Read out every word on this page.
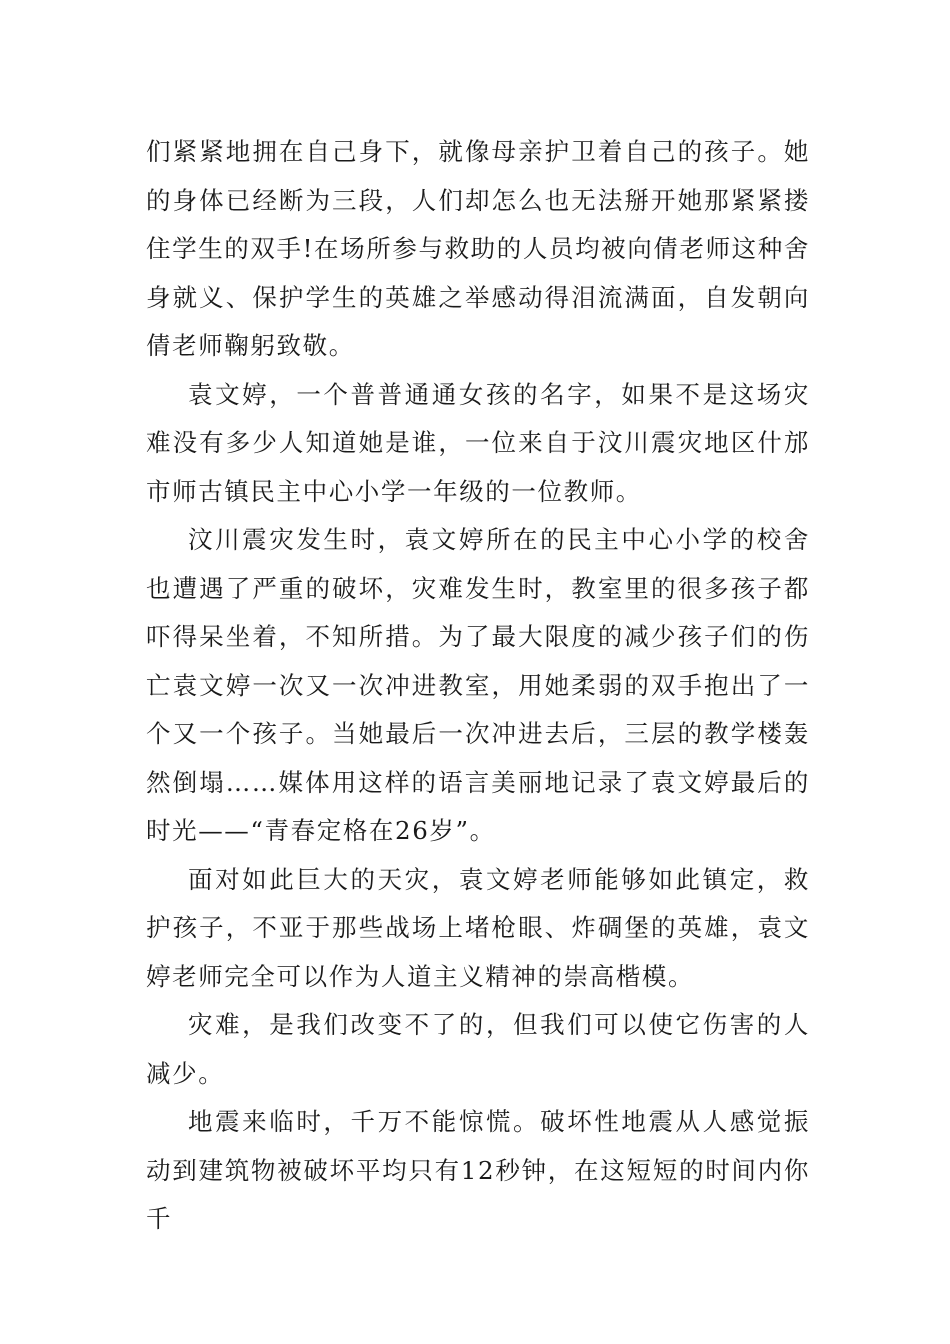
们紧紧地拥在自己身下，就像母亲护卫着自己的孩子。她的身体已经断为三段，人们却怎么也无法掰开她那紧紧搂住学生的双手!在场所参与救助的人员均被向倩老师这种舍身就义、保护学生的英雄之举感动得泪流满面，自发朝向倩老师鞠躬致敬。

袁文婷，一个普普通通女孩的名字，如果不是这场灾难没有多少人知道她是谁，一位来自于汶川震灾地区什邡市师古镇民主中心小学一年级的一位教师。

汶川震灾发生时，袁文婷所在的民主中心小学的校舍也遭遇了严重的破坏，灾难发生时，教室里的很多孩子都吓得呆坐着，不知所措。为了最大限度的减少孩子们的伤亡袁文婷一次又一次冲进教室，用她柔弱的双手抱出了一个又一个孩子。当她最后一次冲进去后，三层的教学楼轰然倒塌……媒体用这样的语言美丽地记录了袁文婷最后的时光——“青春定格在26岁”。

面对如此巨大的天灾，袁文婷老师能够如此镇定，救护孩子，不亚于那些战场上堵枪眼、炸碉堡的英雄，袁文婷老师完全可以作为人道主义精神的崇高楷模。

灾难，是我们改变不了的，但我们可以使它伤害的人减少。

地震来临时，千万不能惊慌。破坏性地震从人感觉振动到建筑物被破坏平均只有12秒钟，在这短短的时间内你千
